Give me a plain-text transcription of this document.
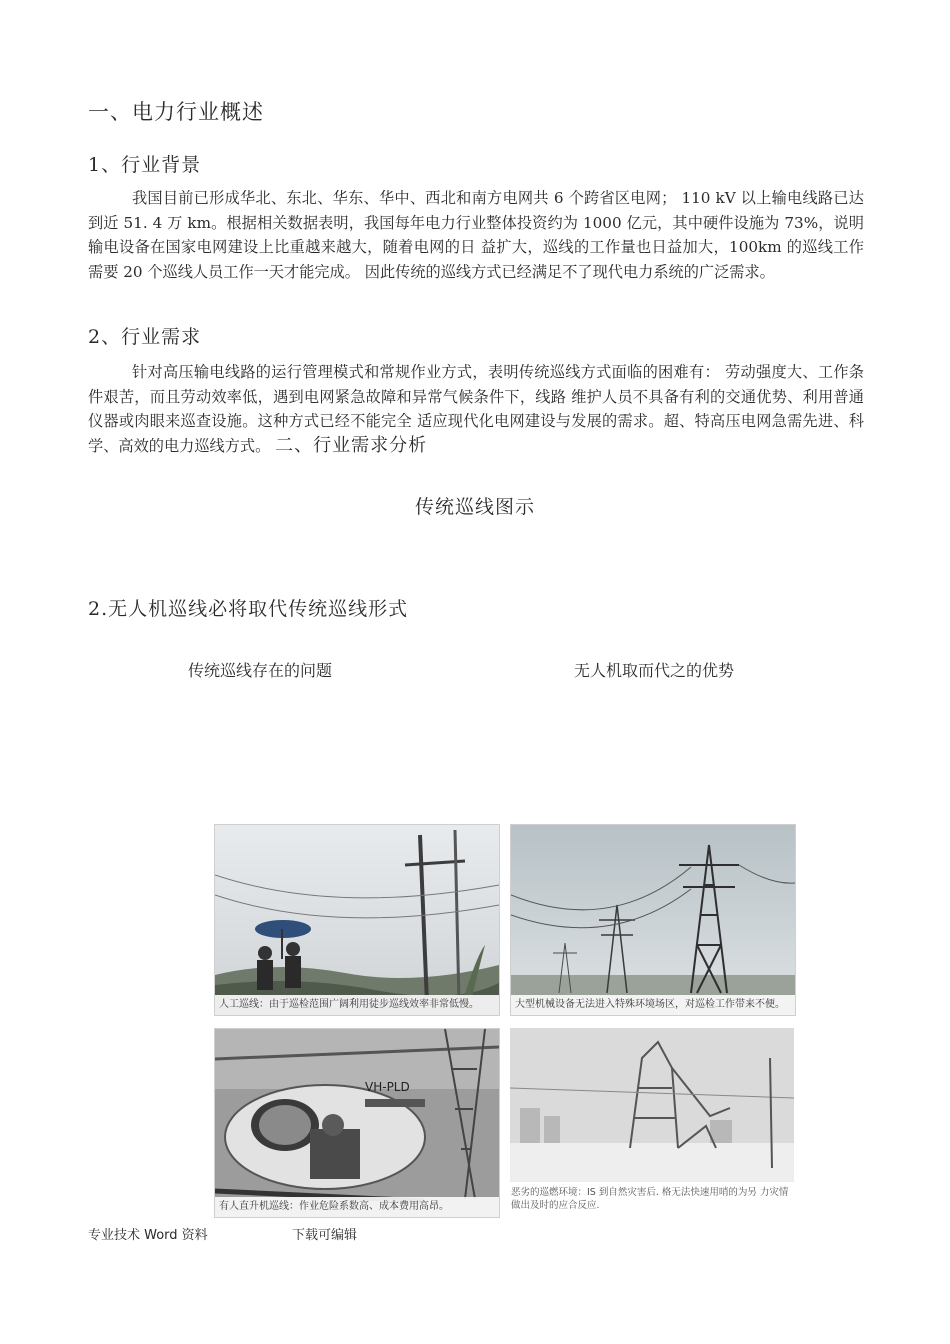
一、电力行业概述
1、行业背景
我国目前已形成华北、东北、华东、华中、西北和南方电网共 6 个跨省区电网； 110 kV 以上输电线路已达到近 51. 4 万 km。根据相关数据表明，我国每年电力行业整体投资约为 1000 亿元，其中硬件设施为 73%，说明输电设备在国家电网建设上比重越来越大，随着电网的日 益扩大，巡线的工作量也日益加大，100km 的巡线工作需要 20 个巡线人员工作一天才能完成。 因此传统的巡线方式已经满足不了现代电力系统的广泛需求。
2、行业需求
针对高压输电线路的运行管理模式和常规作业方式，表明传统巡线方式面临的困难有： 劳动强度大、工作条件艰苦，而且劳动效率低，遇到电网紧急故障和异常气候条件下，线路 维护人员不具备有利的交通优势、利用普通仪器或肉眼来巡查设施。这种方式已经不能完全 适应现代化电网建设与发展的需求。超、特高压电网急需先进、科学、高效的电力巡线方式。 二、行业需求分析
传统巡线图示
2.无人机巡线必将取代传统巡线形式
传统巡线存在的问题	无人机取而代之的优势
人工巡线：由于巡检范围广阔利用徒步巡线效率非常低慢。	大型机械设备无法进入特殊环境场区，对巡检工作带来不便。
VH-PLD
有人直升机巡线：作业危险系数高、成本费用高昂。
恶劣的巡燃环境：IS 到自然灾害后. 格无法快速用哨的为另 力灾情做出及时的应合反应.
专业技术 Word 资料	下载可编辑
